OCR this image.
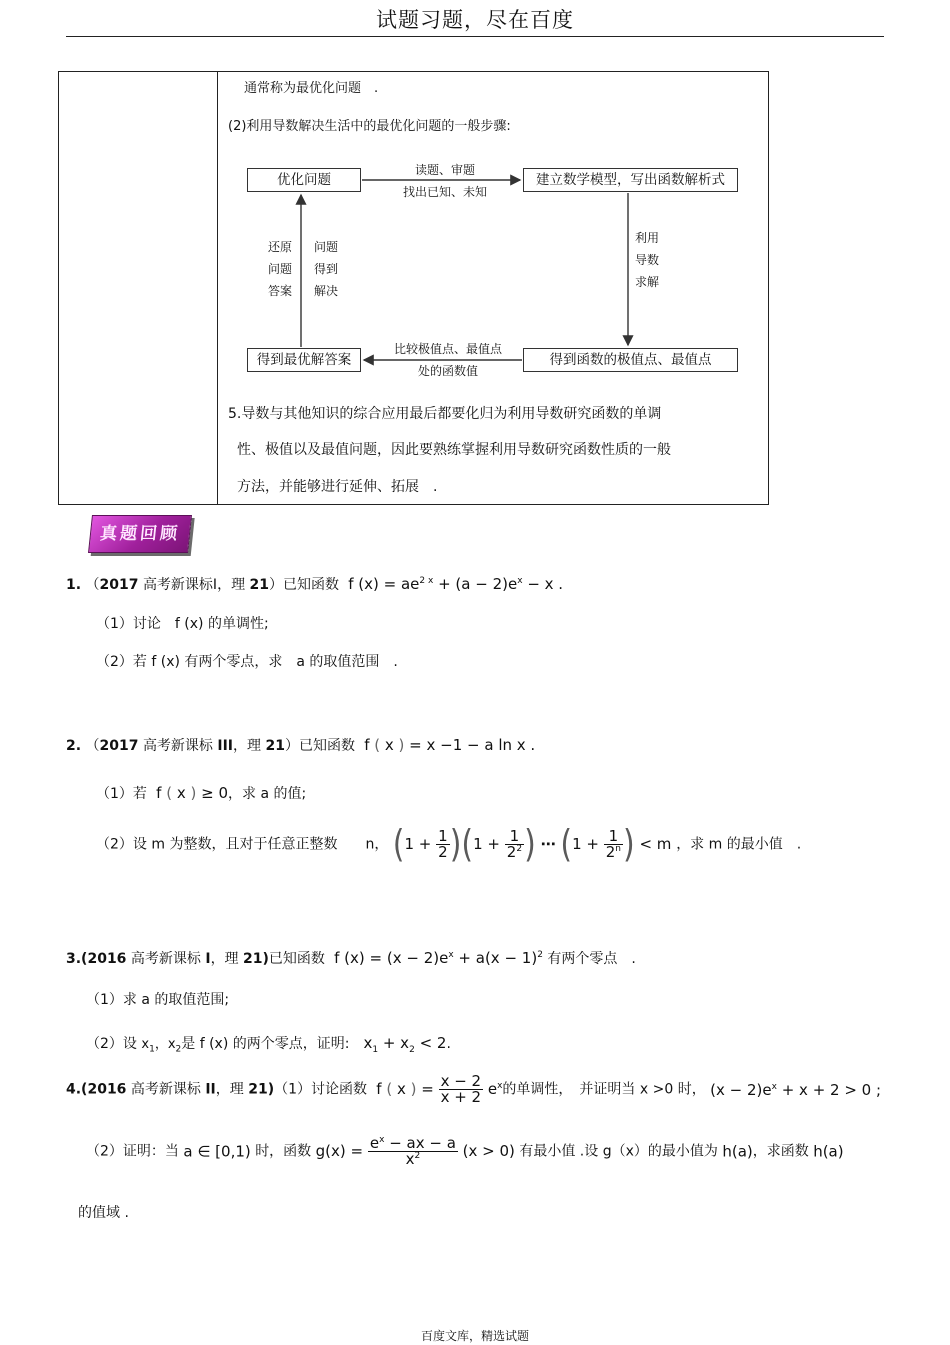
试题习题，尽在百度
通常称为最优化问题　.
(2)利用导数解决生活中的最优化问题的一般步骤:
优化问题	建立数学模型，写出函数解析式
得到函数的极值点、最值点
得到最优解答案
读题、审题
找出已知、未知
利用
导数
求解
比较极值点、最值点
处的函数值
还原
问题
答案
问题
得到
解决
5.导数与其他知识的综合应用最后都要化归为利用导数研究函数的单调
性、极值以及最值问题，因此要熟练掌握利用导数研究函数性质的一般
方法，并能够进行延伸、拓展　.
真题回顾
1. （2017 高考新课标Ⅰ，理 21）已知函数 f $(x) = ae^{2 x} + (a - 2)e^x - x$ .
（1）讨论　f (x) 的单调性;
（2）若 f (x) 有两个零点，求　a 的取值范围　.
2. （2017 高考新课标 III，理 21）已知函数  f ( x ) = x −1 − a ln x .
（1）若  f ( x ) ≥ 0，求 a 的值;
（2）设 m 为整数，且对于任意正整数　　n， $(1 + \frac{1}{2} )(1 + \frac{1}{2^2}$ ) ⋯ ($1 + \frac{1}{2^n}$ ) < m ，求 m 的最小值　.
3.(2016 高考新课标 I，理 21)已知函数  f $(x) = (x - 2)e^x + a(x - 1)^2$ 有两个零点　.
（1）求 a 的取值范围;
（2）设 $x_1$，$x_2$是 f (x) 的两个零点，证明:   $x_1 + x_2 < 2$.
4.(2016 高考新课标 II，理 21)（1）讨论函数  f ( x ) = $\frac{x - 2}{x + 2} e^x$的单调性，　并证明当 x >0 时， $(x - 2)e^x + x + 2 > 0$ ;
（2）证明：当 a ∈ [0,1) 时，函数 $g(x) = \frac{e^x - ax - a}{x^2} (x > 0)$ 有最小值 .设 g（x）的最小值为 h(a)，求函数 h(a)
的值域 .
百度文库，精选试题
